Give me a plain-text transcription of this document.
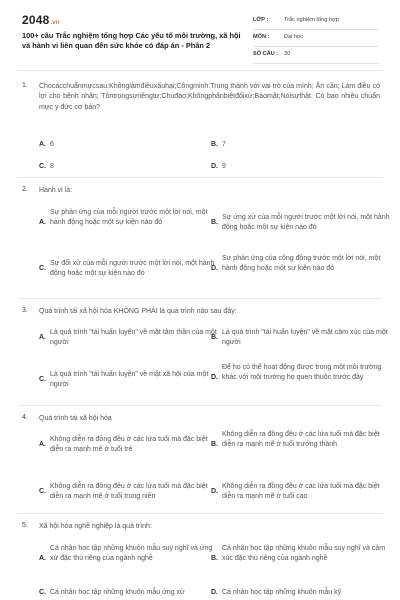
2048.vn
100+ câu Trắc nghiệm tổng hợp Các yếu tố môi trường, xã hội và hành vi liên quan đến sức khỏe có đáp án - Phần 2
LỚP :	Trắc nghiệm tổng hợp
MÔN :	Đại học
SỐ CÂU : 30
1. Chocácchuẩnmựcsau:Khônglàmđiềuxấuhại;Côngminh:Trung thành với vai trò của mình; Ân cần; Làm điều có lợi cho bệnh nhân; Tôntrọngsựriêngtư;Chuđáo;Khôngphânbiệtđốixử;Bảomật;Nóisựthật. Có bao nhiêu chuẩn mực y đức cơ bản?
A. 6	B. 7
C. 8	D. 9
2. Hành vi là:
A.
Sự phản ứng của mỗi người trước một lời nói, một hành động hoặc một sự kiện nào đó	B.
Sự ứng xử của mỗi người trước một lời nói, một hành động hoặc một sự kiện nào đó
C.
Sự đối xử của mỗi người trước một lời nói, một hành động hoặc một sự kiện nào đó
D.
Sự phản ứng của cộng đồng trước một lời nói, một hành động hoặc một sự kiện nào đó
3. Quá trình tái xã hội hóa KHÔNG PHẢI là quá trình nào sau đây:
A.
Là quá trình "tái huấn luyện" về mặt tâm thần của một người
B.
Là quá trình "tái huấn luyện" về mặt cảm xúc của một người
C.
Là quá trình "tái huấn luyện" về mặt xã hội của một người
D.
Để họ có thể hoạt động được trong một môi trường khác với môi trường họ quen thuộc trước đây
4. Quá trình tái xã hội hóa
A.
Không diễn ra đồng đều ở các lứa tuổi mà đặc biệt diễn ra mạnh mẽ ở tuổi trẻ
B.
Không diễn ra đồng đều ở các lứa tuổi mà đặc biệt diễn ra mạnh mẽ ở tuổi trưởng thành
C.
Không diễn ra đồng đều ở các lứa tuổi mà đặc biệt diễn ra mạnh mẽ ở tuổi trung niên
D.
Không diễn ra đồng đều ở các lứa tuổi mà đặc biệt diễn ra mạnh mẽ ở tuổi cao
5. Xã hội hóa nghề nghiệp là quá trình:
A.
Cá nhân học tập những khuôn mẫu suy nghĩ và ứng xử đặc thù riêng của ngành nghề	B.
Cá nhân học tập những khuôn mẫu suy nghĩ và cảm xúc đặc thù riêng của ngành nghề
C. Cá nhân học tập những khuôn mẫu ứng xử	D. Cá nhân học tập những khuôn mẫu kỹ
